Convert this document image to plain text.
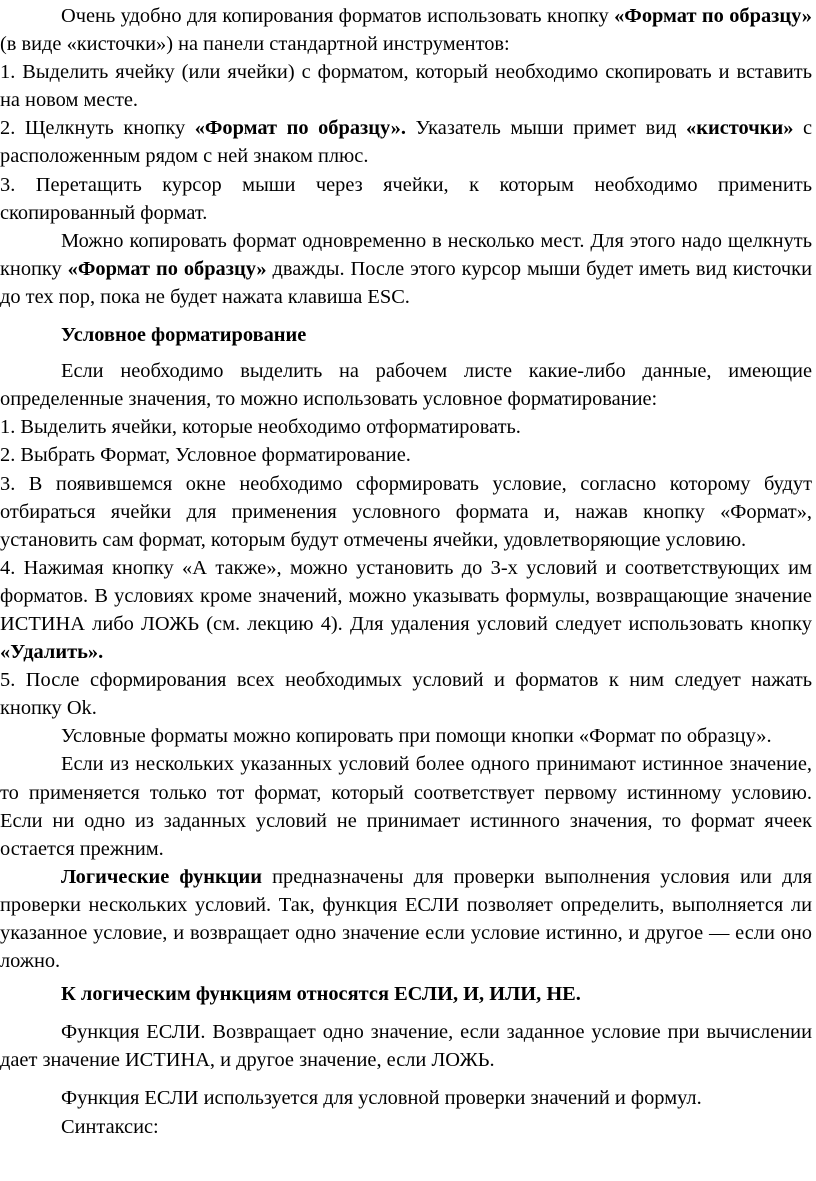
Очень удобно для копирования форматов использовать кнопку «Формат по образцу» (в виде «кисточки») на панели стандартной инструментов:

1. Выделить ячейку (или ячейки) с форматом, который необходимо скопировать и вставить на новом месте.

2. Щелкнуть кнопку «Формат по образцу». Указатель мыши примет вид «кисточки» с расположенным рядом с ней знаком плюс.

3. Перетащить курсор мыши через ячейки, к которым необходимо применить скопированный формат.

Можно копировать формат одновременно в несколько мест. Для этого надо щелкнуть кнопку «Формат по образцу» дважды. После этого курсор мыши будет иметь вид кисточки до тех пор, пока не будет нажата клавиша ESC.

Условное форматирование

Если необходимо выделить на рабочем листе какие-либо данные, имеющие определенные значения, то можно использовать условное форматирование:

1. Выделить ячейки, которые необходимо отформатировать.

2. Выбрать Формат, Условное форматирование.

3. В появившемся окне необходимо сформировать условие, согласно которому будут отбираться ячейки для применения условного формата и, нажав кнопку «Формат», установить сам формат, которым будут отмечены ячейки, удовлетворяющие условию.

4. Нажимая кнопку «А также», можно установить до 3-х условий и соответствующих им форматов. В условиях кроме значений, можно указывать формулы, возвращающие значение ИСТИНА либо ЛОЖЬ (см. лекцию 4). Для удаления условий следует использовать кнопку «Удалить».

5. После сформирования всех необходимых условий и форматов к ним следует нажать кнопку Ok.

Условные форматы можно копировать при помощи кнопки «Формат по образцу».

Если из нескольких указанных условий более одного принимают истинное значение, то применяется только тот формат, который соответствует первому истинному условию. Если ни одно из заданных условий не принимает истинного значения, то формат ячеек остается прежним.

Логические функции предназначены для проверки выполнения условия или для проверки нескольких условий. Так, функция ЕСЛИ позволяет определить, выполняется ли указанное условие, и возвращает одно значение если условие истинно, и другое — если оно ложно.

К логическим функциям относятся ЕСЛИ, И, ИЛИ, НЕ.

Функция ЕСЛИ. Возвращает одно значение, если заданное условие при вычислении дает значение ИСТИНА, и другое значение, если ЛОЖЬ.

Функция ЕСЛИ используется для условной проверки значений и формул.

Синтаксис:
